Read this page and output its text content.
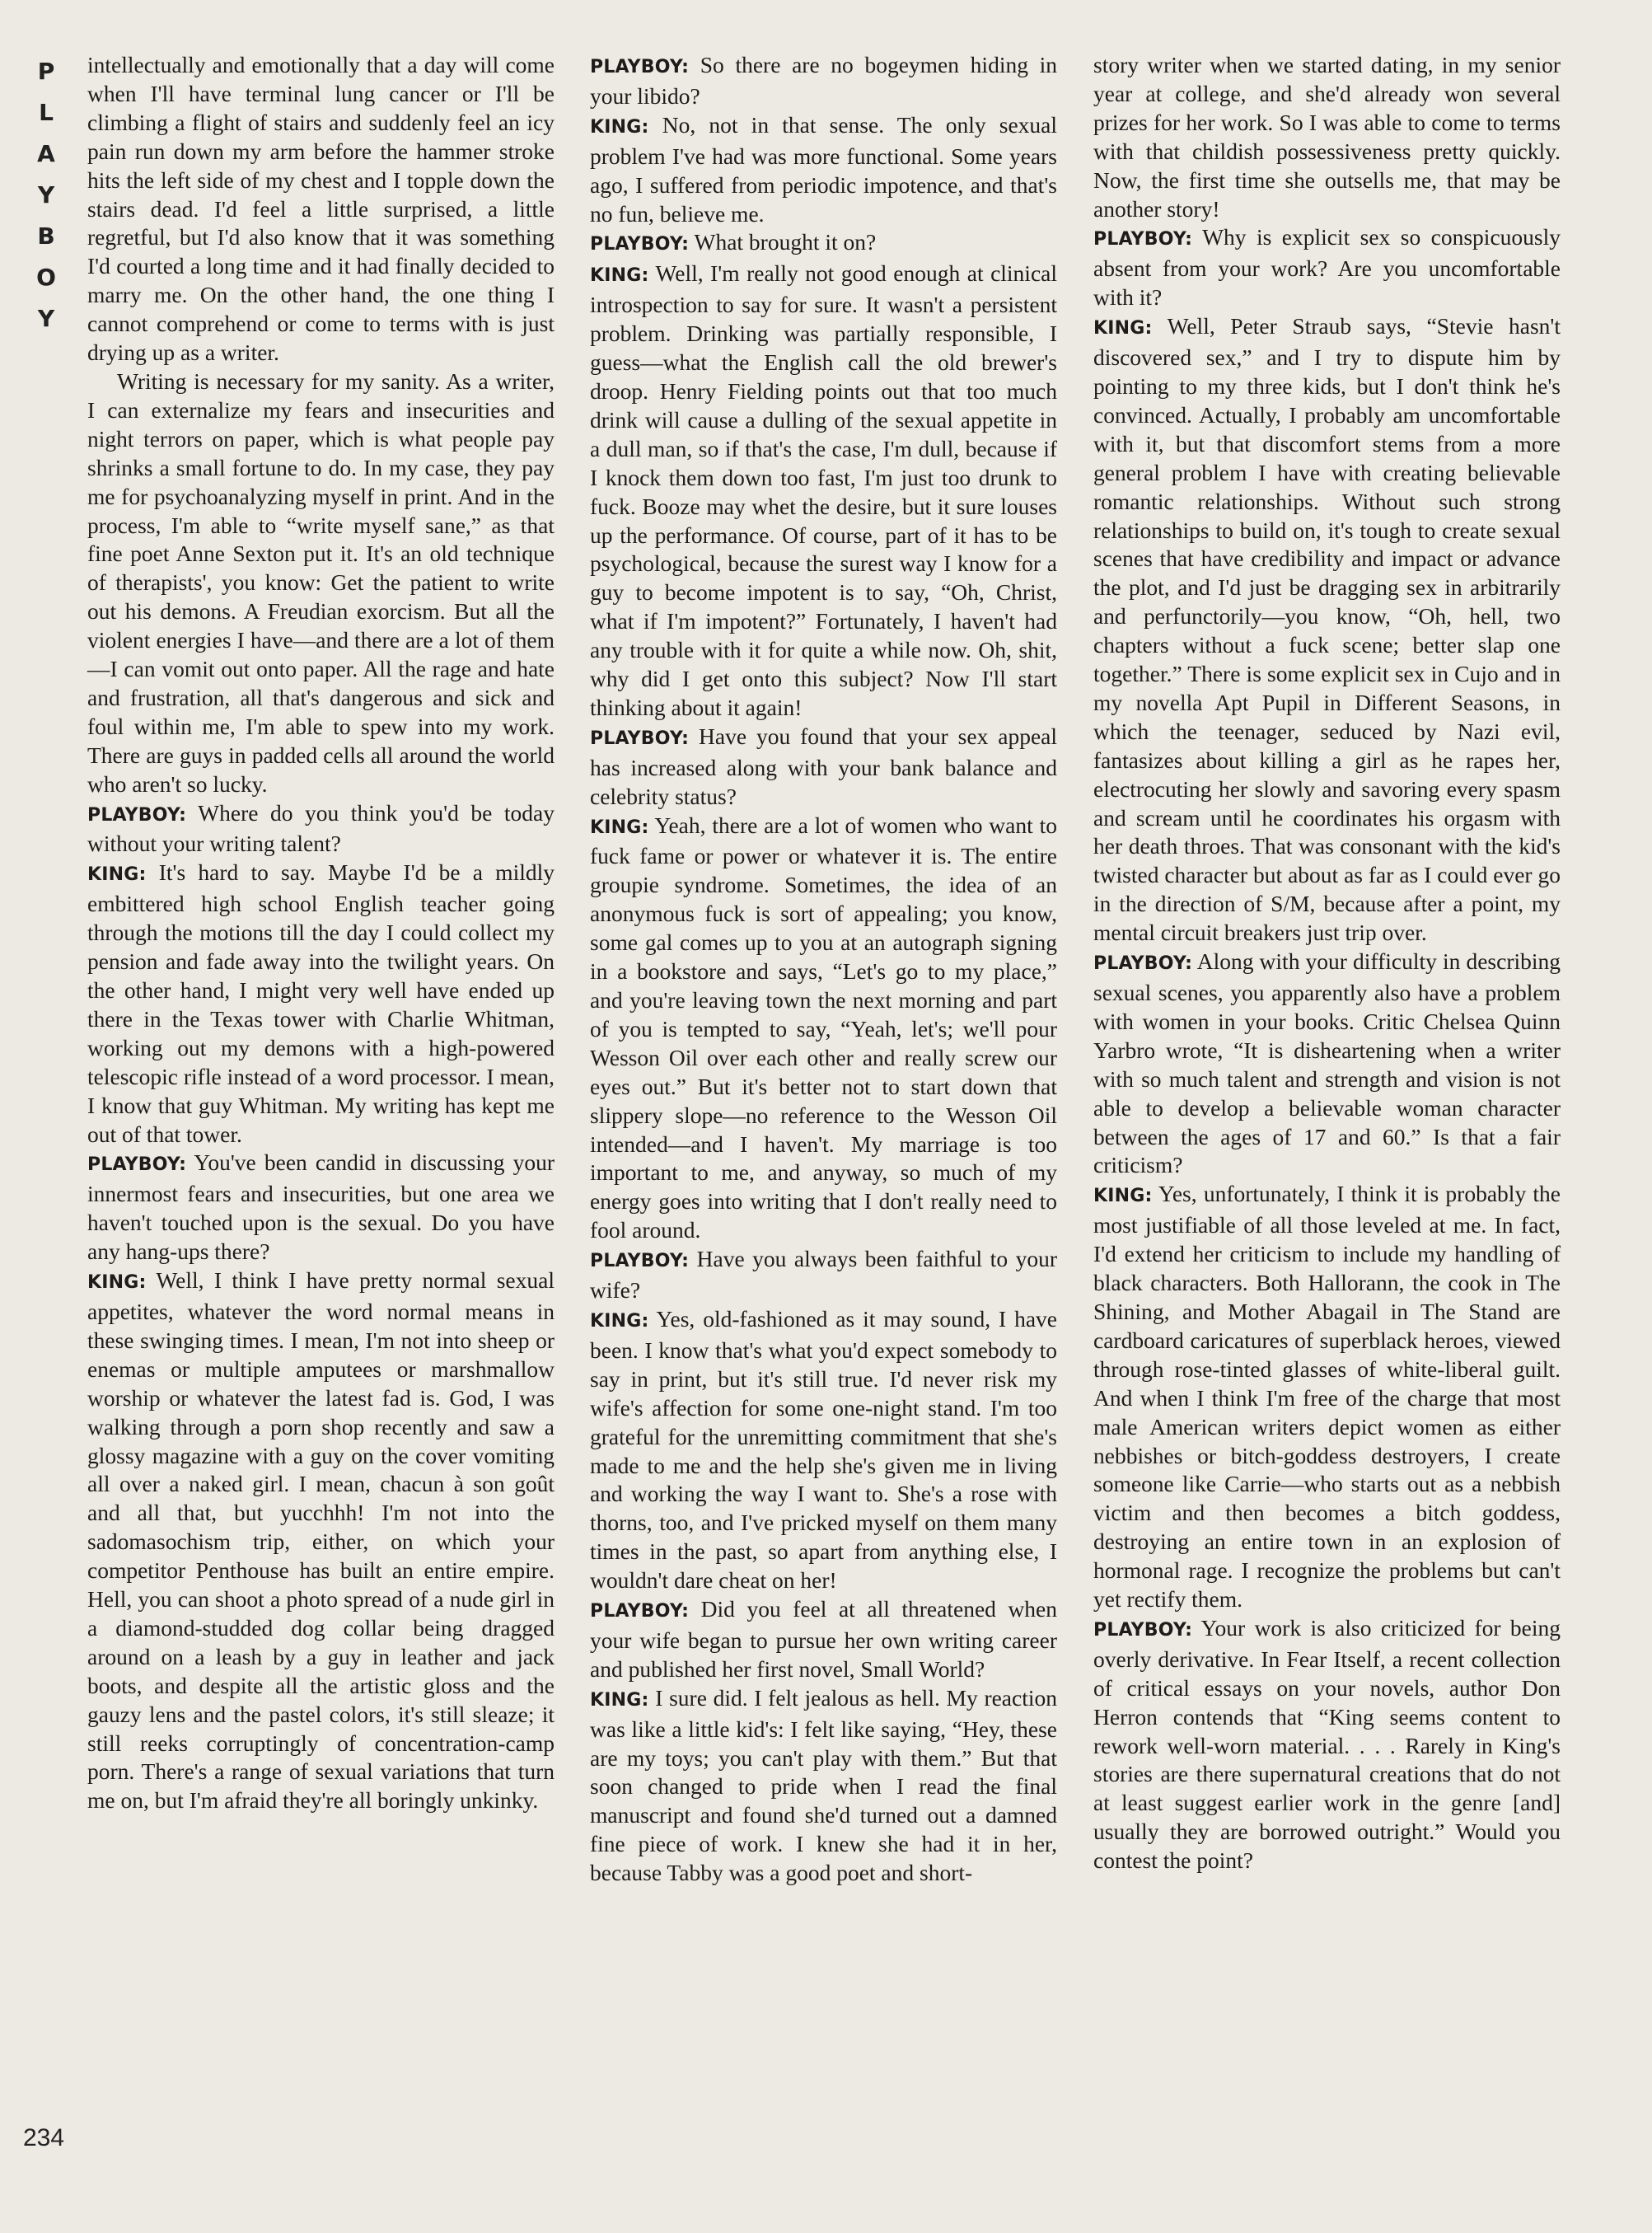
P
L
A
Y
B
O
Y

intellectually and emotionally that a day will come when I'll have terminal lung cancer or I'll be climbing a flight of stairs and suddenly feel an icy pain run down my arm before the hammer stroke hits the left side of my chest and I topple down the stairs dead. I'd feel a little surprised, a little regretful, but I'd also know that it was something I'd courted a long time and it had finally decided to marry me. On the other hand, the one thing I cannot comprehend or come to terms with is just drying up as a writer.

Writing is necessary for my sanity. As a writer, I can externalize my fears and insecurities and night terrors on paper, which is what people pay shrinks a small fortune to do. In my case, they pay me for psychoanalyzing myself in print. And in the process, I'm able to “write myself sane,” as that fine poet Anne Sexton put it. It's an old technique of therapists', you know: Get the patient to write out his demons. A Freudian exorcism. But all the violent energies I have—and there are a lot of them—I can vomit out onto paper. All the rage and hate and frustration, all that's dangerous and sick and foul within me, I'm able to spew into my work. There are guys in padded cells all around the world who aren't so lucky.

PLAYBOY: Where do you think you'd be today without your writing talent?

KING: It's hard to say. Maybe I'd be a mildly embittered high school English teacher going through the motions till the day I could collect my pension and fade away into the twilight years. On the other hand, I might very well have ended up there in the Texas tower with Charlie Whitman, working out my demons with a high-powered telescopic rifle instead of a word processor. I mean, I know that guy Whitman. My writing has kept me out of that tower.

PLAYBOY: You've been candid in discussing your innermost fears and insecurities, but one area we haven't touched upon is the sexual. Do you have any hang-ups there?

KING: Well, I think I have pretty normal sexual appetites, whatever the word normal means in these swinging times. I mean, I'm not into sheep or enemas or multiple amputees or marshmallow worship or whatever the latest fad is. God, I was walking through a porn shop recently and saw a glossy magazine with a guy on the cover vomiting all over a naked girl. I mean, chacun à son goût and all that, but yucchhh! I'm not into the sadomasochism trip, either, on which your competitor Penthouse has built an entire empire. Hell, you can shoot a photo spread of a nude girl in a diamond-studded dog collar being dragged around on a leash by a guy in leather and jack boots, and despite all the artistic gloss and the gauzy lens and the pastel colors, it's still sleaze; it still reeks corruptingly of concentration-camp porn. There's a range of sexual variations that turn me on, but I'm afraid they're all boringly unkinky.

PLAYBOY: So there are no bogeymen hiding in your libido?

KING: No, not in that sense. The only sexual problem I've had was more functional. Some years ago, I suffered from periodic impotence, and that's no fun, believe me.

PLAYBOY: What brought it on?

KING: Well, I'm really not good enough at clinical introspection to say for sure. It wasn't a persistent problem. Drinking was partially responsible, I guess—what the English call the old brewer's droop. Henry Fielding points out that too much drink will cause a dulling of the sexual appetite in a dull man, so if that's the case, I'm dull, because if I knock them down too fast, I'm just too drunk to fuck. Booze may whet the desire, but it sure louses up the performance. Of course, part of it has to be psychological, because the surest way I know for a guy to become impotent is to say, “Oh, Christ, what if I'm impotent?” Fortunately, I haven't had any trouble with it for quite a while now. Oh, shit, why did I get onto this subject? Now I'll start thinking about it again!

PLAYBOY: Have you found that your sex appeal has increased along with your bank balance and celebrity status?

KING: Yeah, there are a lot of women who want to fuck fame or power or whatever it is. The entire groupie syndrome. Sometimes, the idea of an anonymous fuck is sort of appealing; you know, some gal comes up to you at an autograph signing in a bookstore and says, “Let's go to my place,” and you're leaving town the next morning and part of you is tempted to say, “Yeah, let's; we'll pour Wesson Oil over each other and really screw our eyes out.” But it's better not to start down that slippery slope—no reference to the Wesson Oil intended—and I haven't. My marriage is too important to me, and anyway, so much of my energy goes into writing that I don't really need to fool around.

PLAYBOY: Have you always been faithful to your wife?

KING: Yes, old-fashioned as it may sound, I have been. I know that's what you'd expect somebody to say in print, but it's still true. I'd never risk my wife's affection for some one-night stand. I'm too grateful for the unremitting commitment that she's made to me and the help she's given me in living and working the way I want to. She's a rose with thorns, too, and I've pricked myself on them many times in the past, so apart from anything else, I wouldn't dare cheat on her!

PLAYBOY: Did you feel at all threatened when your wife began to pursue her own writing career and published her first novel, Small World?

KING: I sure did. I felt jealous as hell. My reaction was like a little kid's: I felt like saying, “Hey, these are my toys; you can't play with them.” But that soon changed to pride when I read the final manuscript and found she'd turned out a damned fine piece of work. I knew she had it in her, because Tabby was a good poet and short-

story writer when we started dating, in my senior year at college, and she'd already won several prizes for her work. So I was able to come to terms with that childish possessiveness pretty quickly. Now, the first time she outsells me, that may be another story!

PLAYBOY: Why is explicit sex so conspicuously absent from your work? Are you uncomfortable with it?

KING: Well, Peter Straub says, “Stevie hasn't discovered sex,” and I try to dispute him by pointing to my three kids, but I don't think he's convinced. Actually, I probably am uncomfortable with it, but that discomfort stems from a more general problem I have with creating believable romantic relationships. Without such strong relationships to build on, it's tough to create sexual scenes that have credibility and impact or advance the plot, and I'd just be dragging sex in arbitrarily and perfunctorily—you know, “Oh, hell, two chapters without a fuck scene; better slap one together.” There is some explicit sex in Cujo and in my novella Apt Pupil in Different Seasons, in which the teenager, seduced by Nazi evil, fantasizes about killing a girl as he rapes her, electrocuting her slowly and savoring every spasm and scream until he coordinates his orgasm with her death throes. That was consonant with the kid's twisted character but about as far as I could ever go in the direction of S/M, because after a point, my mental circuit breakers just trip over.

PLAYBOY: Along with your difficulty in describing sexual scenes, you apparently also have a problem with women in your books. Critic Chelsea Quinn Yarbro wrote, “It is disheartening when a writer with so much talent and strength and vision is not able to develop a believable woman character between the ages of 17 and 60.” Is that a fair criticism?

KING: Yes, unfortunately, I think it is probably the most justifiable of all those leveled at me. In fact, I'd extend her criticism to include my handling of black characters. Both Hallorann, the cook in The Shining, and Mother Abagail in The Stand are cardboard caricatures of superblack heroes, viewed through rose-tinted glasses of white-liberal guilt. And when I think I'm free of the charge that most male American writers depict women as either nebbishes or bitch-goddess destroyers, I create someone like Carrie—who starts out as a nebbish victim and then becomes a bitch goddess, destroying an entire town in an explosion of hormonal rage. I recognize the problems but can't yet rectify them.

PLAYBOY: Your work is also criticized for being overly derivative. In Fear Itself, a recent collection of critical essays on your novels, author Don Herron contends that “King seems content to rework well-worn material. . . . Rarely in King's stories are there supernatural creations that do not at least suggest earlier work in the genre [and] usually they are borrowed outright.” Would you contest the point?

234
